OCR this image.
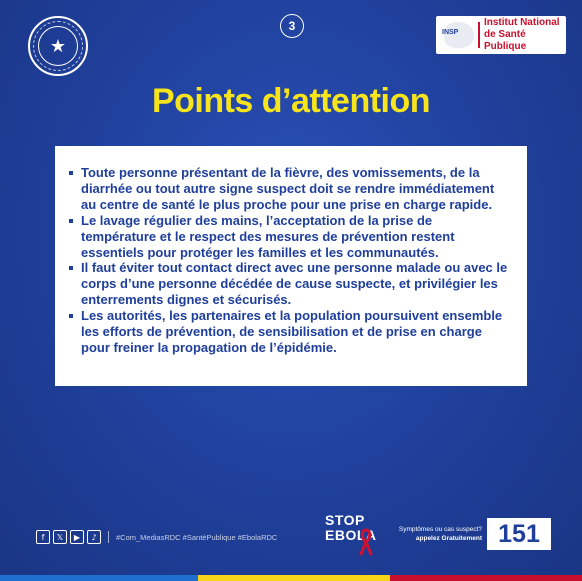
★
3	INSP
Institut National
de Santé Publique
Points d’attention
Toute personne présentant de la fièvre, des vomissements, de la diarrhée ou tout autre signe suspect doit se rendre immédiatement au centre de santé le plus proche pour une prise en charge rapide.
Le lavage régulier des mains, l’acceptation de la prise de température et le respect des mesures de prévention restent essentiels pour protéger les familles et les communautés.
Il faut éviter tout contact direct avec une personne malade ou avec le corps d’une personne décédée de cause suspecte, et privilégier les enterrements dignes et sécurisés.
Les autorités, les partenaires et la population poursuivent ensemble les efforts de prévention, de sensibilisation et de prise en charge pour freiner la propagation de l’épidémie.
f	𝕏	▶	♪	#Com_MediasRDC #SantéPublique #EbolaRDC
STOP
EBOLA	Symptômes ou cas suspect?
appelez Gratuitement 151
